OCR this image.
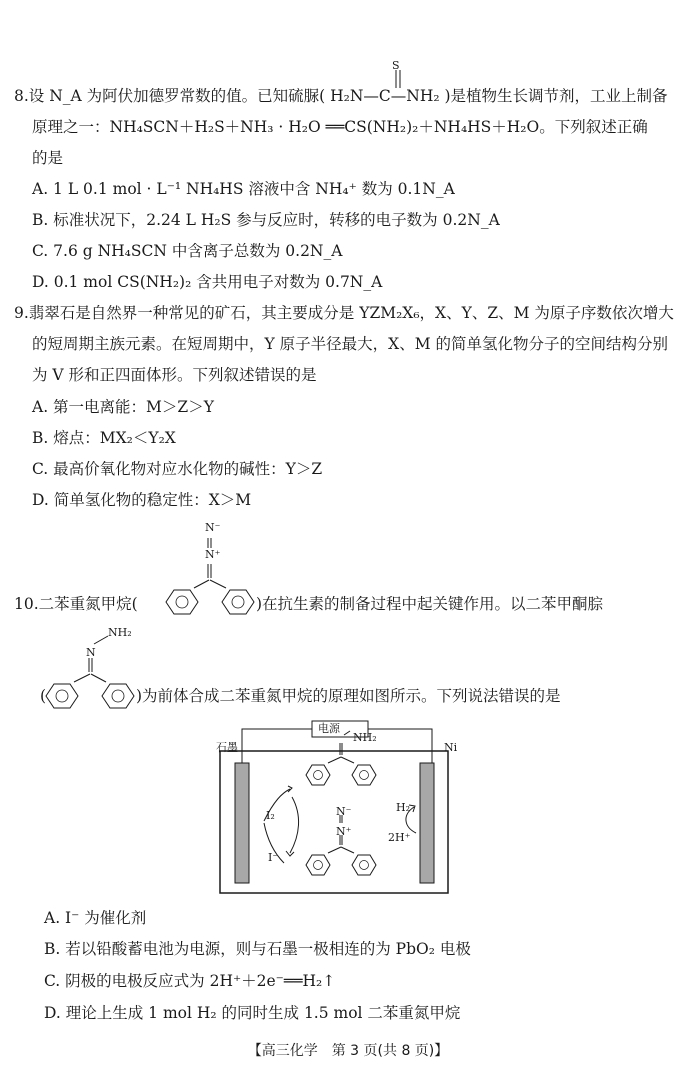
S
8.设 N_A 为阿伏加德罗常数的值。已知硫脲( H₂N—C—NH₂ )是植物生长调节剂，工业上制备
原理之一：NH₄SCN＋H₂S＋NH₃ · H₂O ══CS(NH₂)₂＋NH₄HS＋H₂O。下列叙述正确
的是
A. 1 L 0.1 mol · L⁻¹ NH₄HS 溶液中含 NH₄⁺ 数为 0.1N_A
B. 标准状况下，2.24 L H₂S 参与反应时，转移的电子数为 0.2N_A
C. 7.6 g NH₄SCN 中含离子总数为 0.2N_A
D. 0.1 mol CS(NH₂)₂ 含共用电子对数为 0.7N_A
9.翡翠石是自然界一种常见的矿石，其主要成分是 YZM₂X₆，X、Y、Z、M 为原子序数依次增大
的短周期主族元素。在短周期中，Y 原子半径最大，X、M 的简单氢化物分子的空间结构分别
为 V 形和正四面体形。下列叙述错误的是
A. 第一电离能：M＞Z＞Y
B. 熔点：MX₂＜Y₂X
C. 最高价氧化物对应水化物的碱性：Y＞Z
D. 简单氢化物的稳定性：X＞M
N⁻
N⁺
10.二苯重氮甲烷(	)在抗生素的制备过程中起关键作用。以二苯甲酮腙
NH₂
N
(	)为前体合成二苯重氮甲烷的原理如图所示。下列说法错误的是
电源
石墨	Ni
NH₂
N⁻
N⁺
I₂
I⁻
H₂
2H⁺
A. I⁻ 为催化剂
B. 若以铅酸蓄电池为电源，则与石墨一极相连的为 PbO₂ 电极
C. 阴极的电极反应式为 2H⁺＋2e⁻══H₂↑
D. 理论上生成 1 mol H₂ 的同时生成 1.5 mol 二苯重氮甲烷
【高三化学　第 3 页(共 8 页)】
